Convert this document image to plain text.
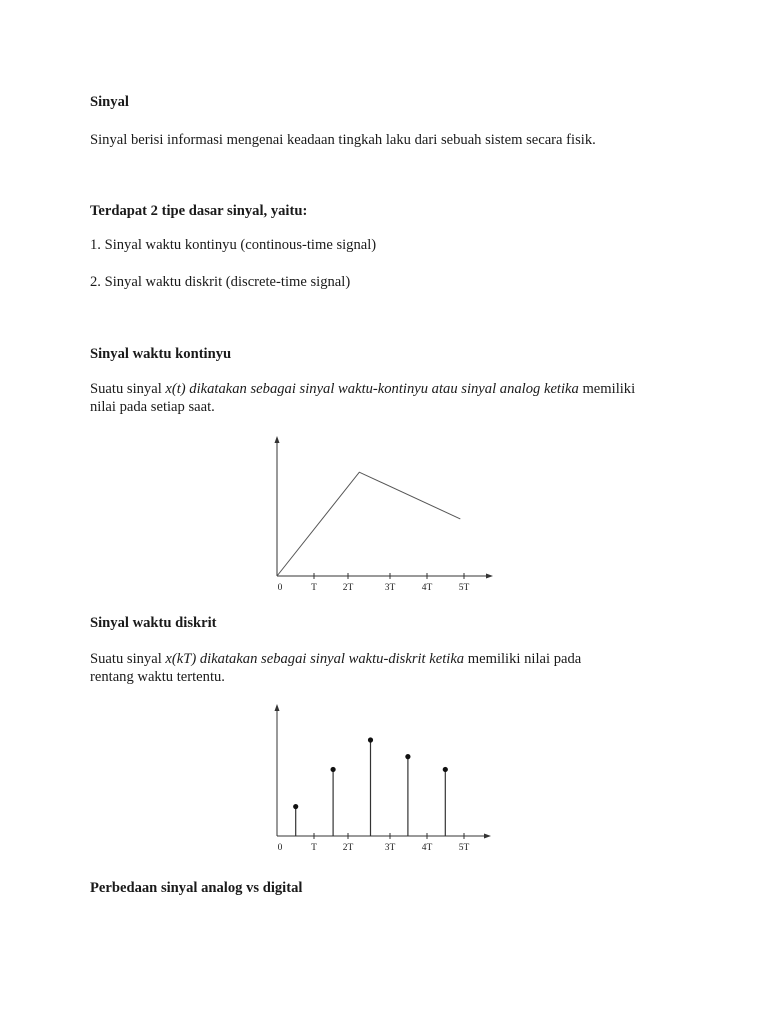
Sinyal

Sinyal berisi informasi mengenai keadaan tingkah laku dari sebuah sistem secara fisik.

Terdapat 2 tipe dasar sinyal, yaitu:

1. Sinyal waktu kontinyu (continous-time signal)

2. Sinyal waktu diskrit (discrete-time signal)

Sinyal waktu kontinyu

Suatu sinyal x(t) dikatakan sebagai sinyal waktu-kontinyu atau sinyal analog ketika memiliki

nilai pada setiap saat.

0	T	2T	3T	4T	5T

Sinyal waktu diskrit

Suatu sinyal x(kT) dikatakan sebagai sinyal waktu-diskrit ketika memiliki nilai pada

rentang waktu tertentu.

0	T	2T	3T	4T	5T

Perbedaan sinyal analog vs digital
